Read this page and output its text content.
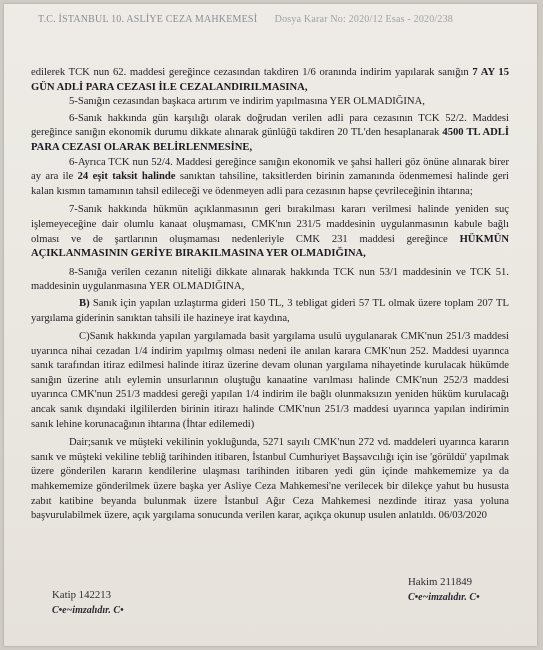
T.C. İSTANBUL 10. ASLİYE CEZA MAHKEMESİ Dosya Karar No: 2020/12 Esas - 2020/238

edilerek TCK nun 62. maddesi gereğince cezasından takdiren 1/6 oranında indirim yapılarak sanığın 7 AY 15 GÜN ADLİ PARA CEZASI İLE CEZALANDIRILMASINA,

5-Sanığın cezasından başkaca artırım ve indirim yapılmasına YER OLMADIĞINA,

6-Sanık hakkında gün karşılığı olarak doğrudan verilen adli para cezasının TCK 52/2. Maddesi gereğince sanığın ekonomik durumu dikkate alınarak günlüğü takdiren 20 TL'den hesaplanarak 4500 TL ADLİ PARA CEZASI OLARAK BELİRLENMESİNE,

6-Ayrıca TCK nun 52/4. Maddesi gereğince sanığın ekonomik ve şahsi halleri göz önüne alınarak birer ay ara ile 24 eşit taksit halinde sanıktan tahsiline, taksitlerden birinin zamanında ödenmemesi halinde geri kalan kısmın tamamının tahsil edileceği ve ödenmeyen adli para cezasının hapse çevrileceğinin ihtarına;

7-Sanık hakkında hükmün açıklanmasının geri bırakılması kararı verilmesi halinde yeniden suç işlemeyeceğine dair olumlu kanaat oluşmaması, CMK'nın 231/5 maddesinin uygulanmasının kabule bağlı olması ve de şartlarının oluşmaması nedenleriyle CMK 231 maddesi gereğince HÜKMÜN AÇIKLANMASININ GERİYE BIRAKILMASINA YER OLMADIĞINA,

8-Sanığa verilen cezanın niteliği dikkate alınarak hakkında TCK nun 53/1 maddesinin ve TCK 51. maddesinin uygulanmasına YER OLMADIĞINA,

B) Sanık için yapılan uzlaştırma gideri 150 TL, 3 tebligat gideri 57 TL olmak üzere toplam 207 TL yargılama giderinin sanıktan tahsili ile hazineye irat kaydına,

C)Sanık hakkında yapılan yargılamada basit yargılama usulü uygulanarak CMK'nun 251/3 maddesi uyarınca nihai cezadan 1/4 indirim yapılmış olması nedeni ile anılan karara CMK'nun 252. Maddesi uyarınca sanık tarafından itiraz edilmesi halinde itiraz üzerine devam olunan yargılama nihayetinde kurulacak hükümde sanığın üzerine atılı eylemin unsurlarının oluştuğu kanaatine varılması halinde CMK'nun 252/3 maddesi uyarınca CMK'nun 251/3 maddesi gereği yapılan 1/4 indirim ile bağlı olunmaksızın yeniden hüküm kurulacağı ancak sanık dışındaki ilgililerden birinin itirazı halinde CMK'nun 251/3 maddesi uyarınca yapılan indirimin sanık lehine korunacağının ihtarına (İhtar edilemedi)

Dair;sanık ve müşteki vekilinin yokluğunda, 5271 sayılı CMK'nun 272 vd. maddeleri uyarınca kararın sanık ve müşteki vekiline tebliğ tarihinden itibaren, İstanbul Cumhuriyet Başsavcılığı için ise 'görüldü' yapılmak üzere gönderilen kararın kendilerine ulaşması tarihinden itibaren yedi gün içinde mahkememize ya da mahkememize gönderilmek üzere başka yer Asliye Ceza Mahkemesi'ne verilecek bir dilekçe yahut bu hususta zabıt katibine beyanda bulunmak üzere İstanbul Ağır Ceza Mahkemesi nezdinde itiraz yasa yoluna başvurulabilmek üzere, açık yargılama sonucunda verilen karar, açıkça okunup usulen anlatıldı. 06/03/2020

Katip 142213
C•e~imzalıdır. C•
Hakim 211849
C•e~imzalıdır. C•
